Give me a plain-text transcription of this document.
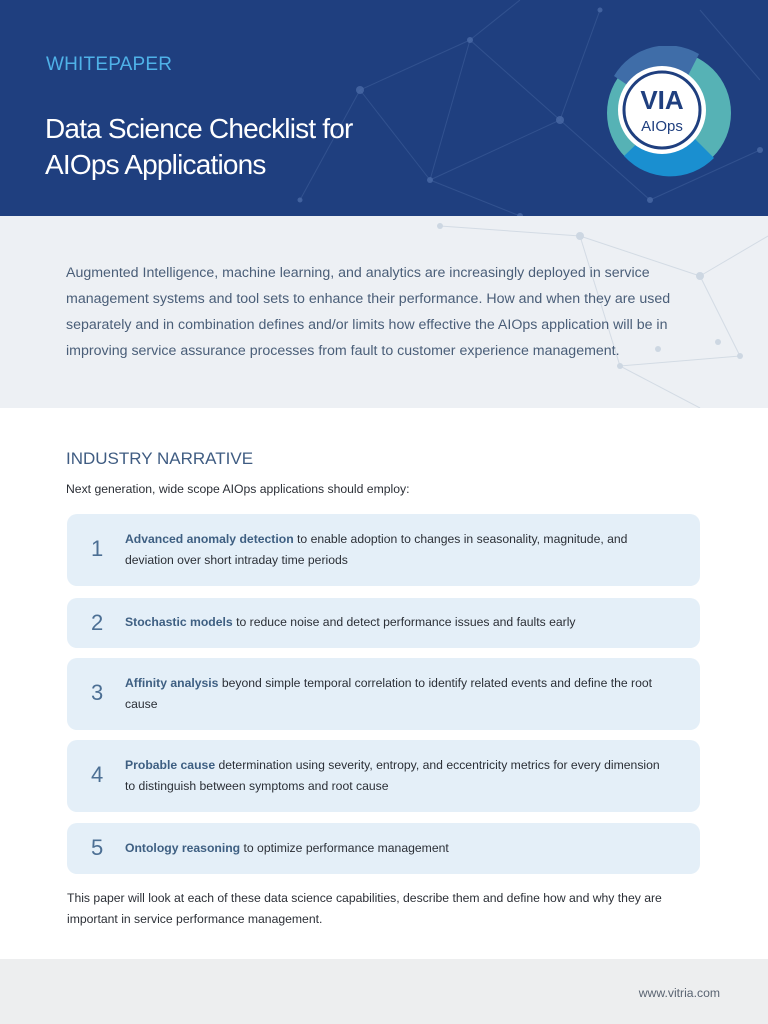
WHITEPAPER
Data Science Checklist for
AIOps Applications
VIA
AIOps

Augmented Intelligence, machine learning, and analytics are increasingly deployed in service management systems and tool sets to enhance their performance. How and when they are used separately and in combination defines and/or limits how effective the AIOps application will be in improving service assurance processes from fault to customer experience management.

INDUSTRY NARRATIVE

Next generation, wide scope AIOps applications should employ:

1	Advanced anomaly detection to enable adoption to changes in seasonality, magnitude, and deviation over short intraday time periods
2	Stochastic models to reduce noise and detect performance issues and faults early
3	Affinity analysis beyond simple temporal correlation to identify related events and define the root cause
4	Probable cause determination using severity, entropy, and eccentricity metrics for every dimension to distinguish between symptoms and root cause
5	Ontology reasoning to optimize performance management

This paper will look at each of these data science capabilities, describe them and define how and why they are important in service performance management.

www.vitria.com
